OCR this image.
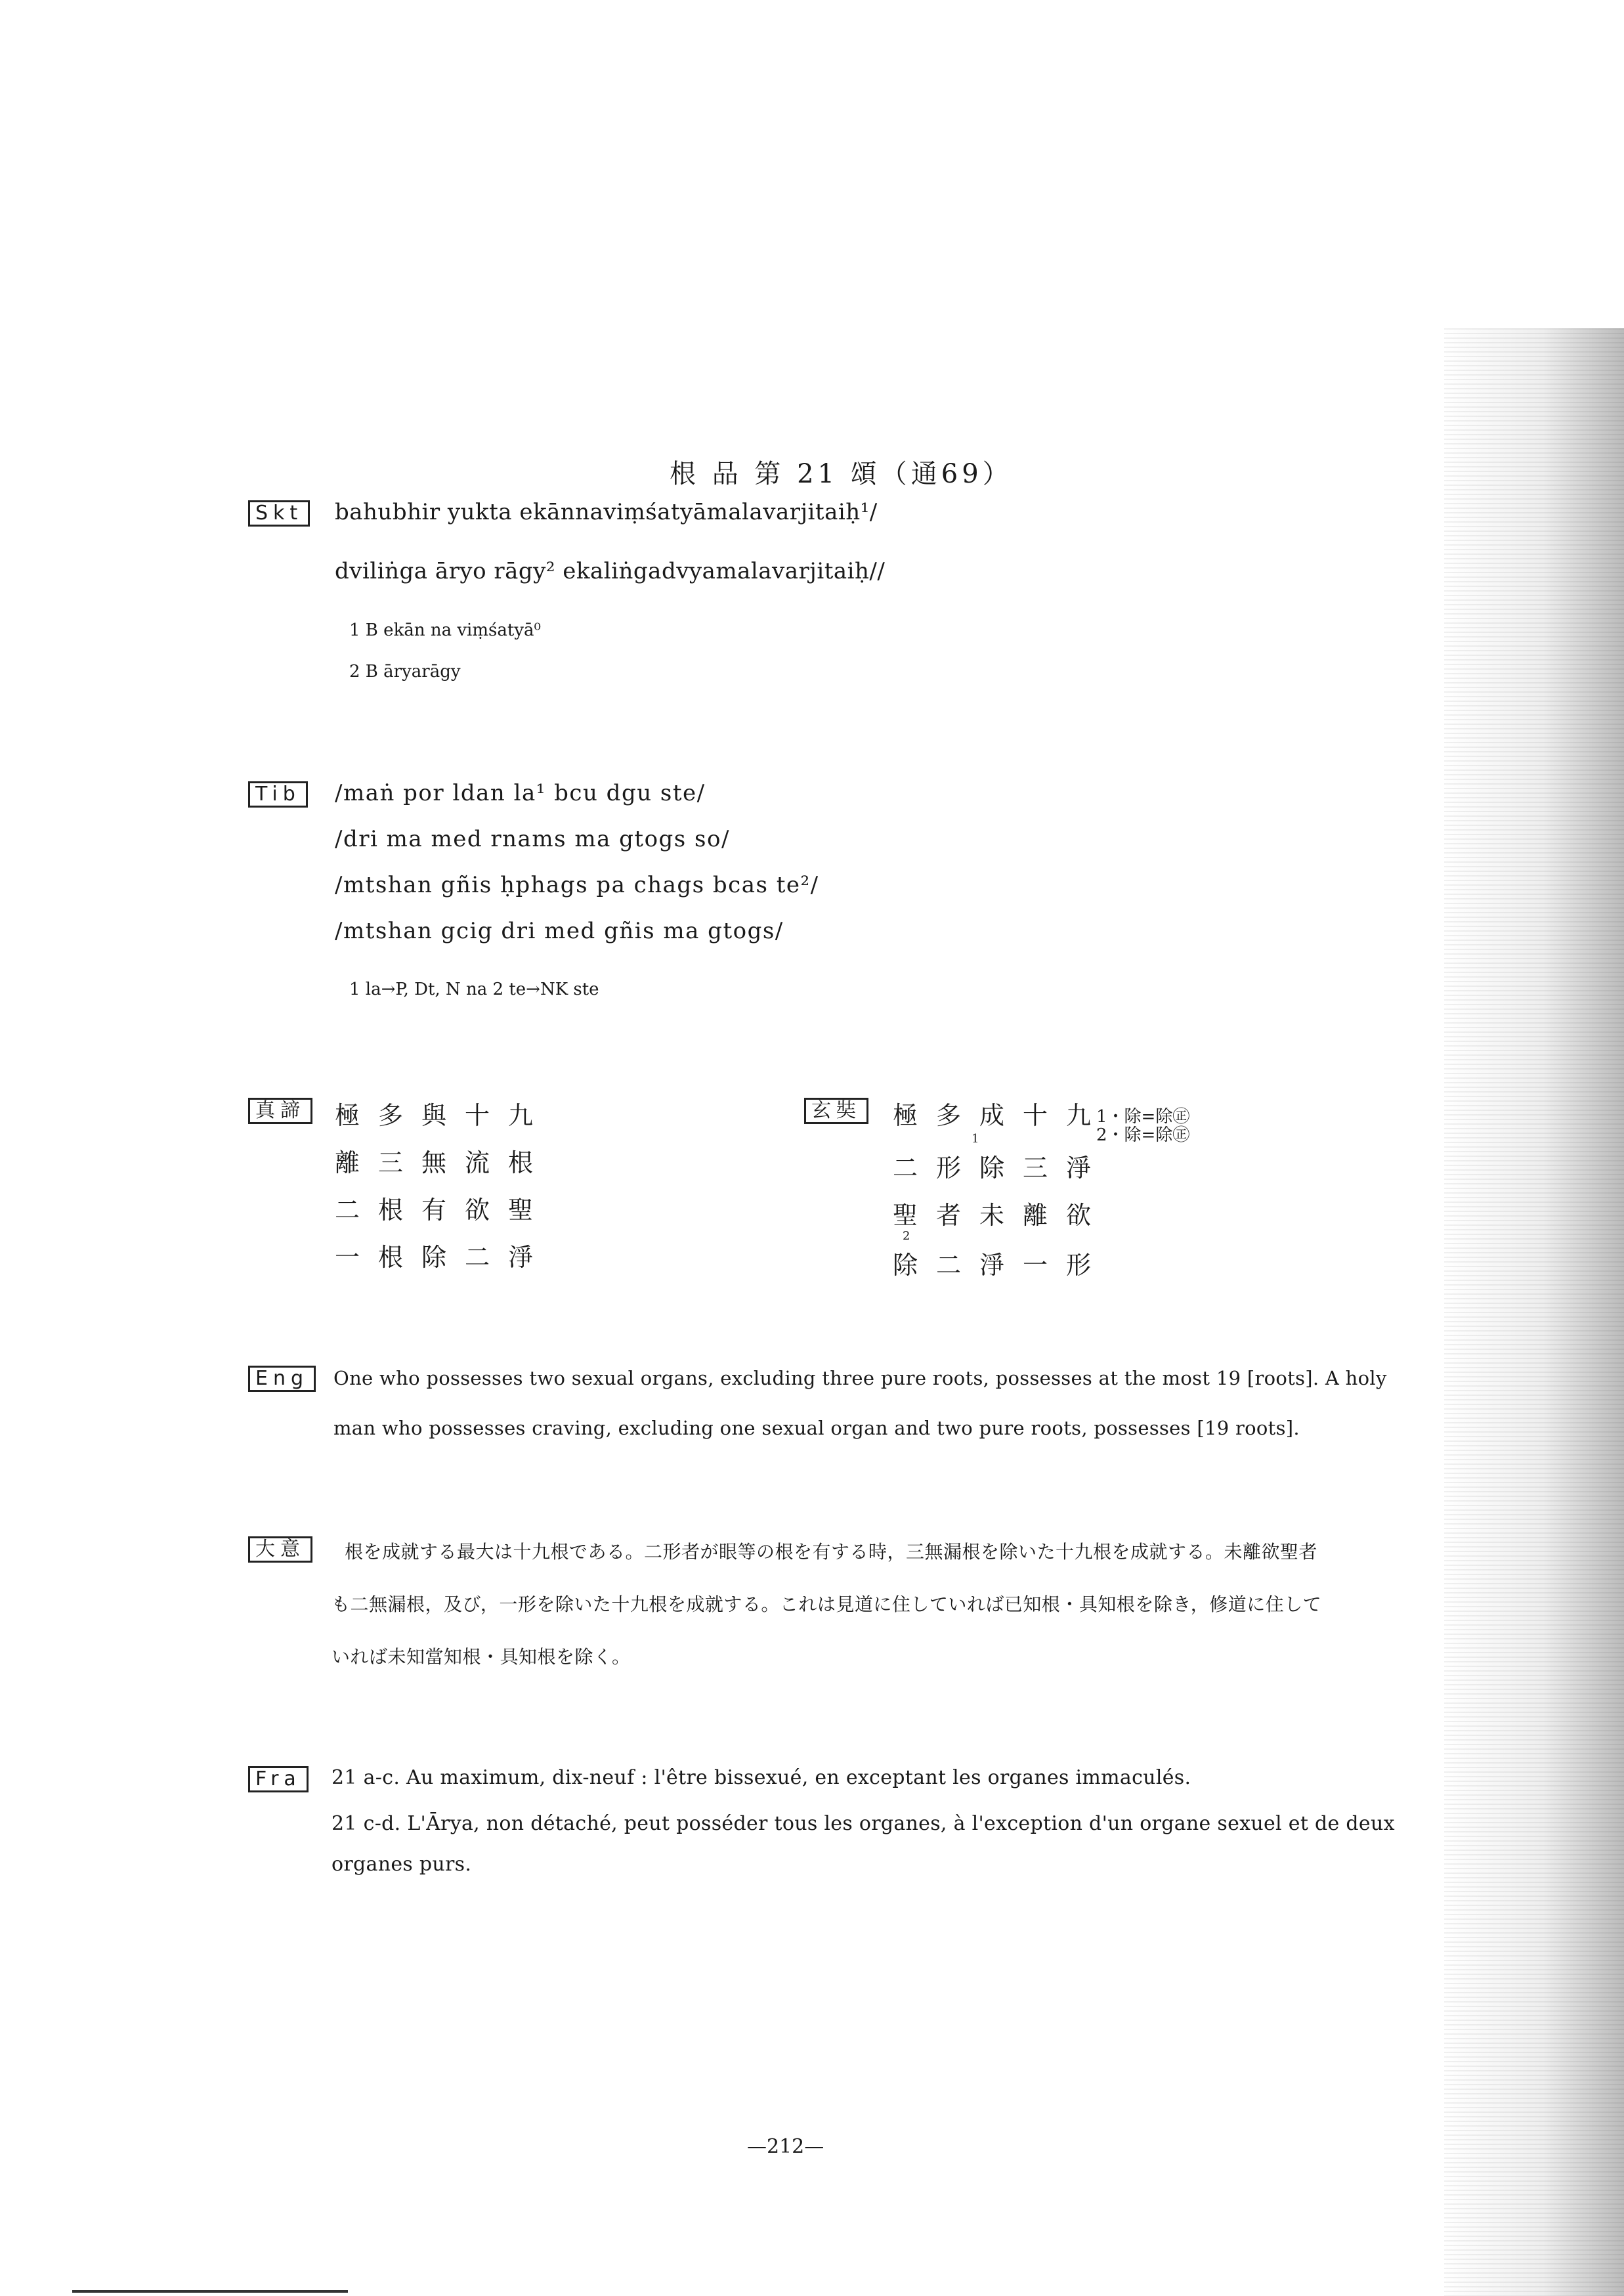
根 品 第 21 頌（通69）
Skt	bahubhir yukta ekānnaviṃśatyāmalavarjitaiḥ¹/
dviliṅga āryo rāgy² ekaliṅgadvyamalavarjitaiḥ//
1 B ekān na viṃśatyā⁰
2 B āryarāgy
Tib	/maṅ por ldan la¹ bcu dgu ste/
/dri ma med rnams ma gtogs so/
/mtshan gñis ḥphags pa chags bcas te²/
/mtshan gcig dri med gñis ma gtogs/
1 la→P, Dt, N na 2 te→NK ste
真諦 極多與十九
離三無流根
二根有欲聖
一根除二淨
玄奘 極多成十九
1
二形除三淨
聖者未離欲
2
除二淨一形
1・除=除㊣
2・除=除㊣
Eng	One who possesses two sexual organs, excluding three pure roots, possesses at the most 19 [roots]. A holy
man who possesses craving, excluding one sexual organ and two pure roots, possesses [19 roots].
大意	根を成就する最大は十九根である。二形者が眼等の根を有する時，三無漏根を除いた十九根を成就する。未離欲聖者
も二無漏根，及び，一形を除いた十九根を成就する。これは見道に住していれば已知根・具知根を除き，修道に住して
いれば未知當知根・具知根を除く。
Fra	21 a-c. Au maximum, dix-neuf : l'être bissexué, en exceptant les organes immaculés.
21 c-d. L'Ārya, non détaché, peut posséder tous les organes, à l'exception d'un organe sexuel et de deux
organes purs.
—212—
